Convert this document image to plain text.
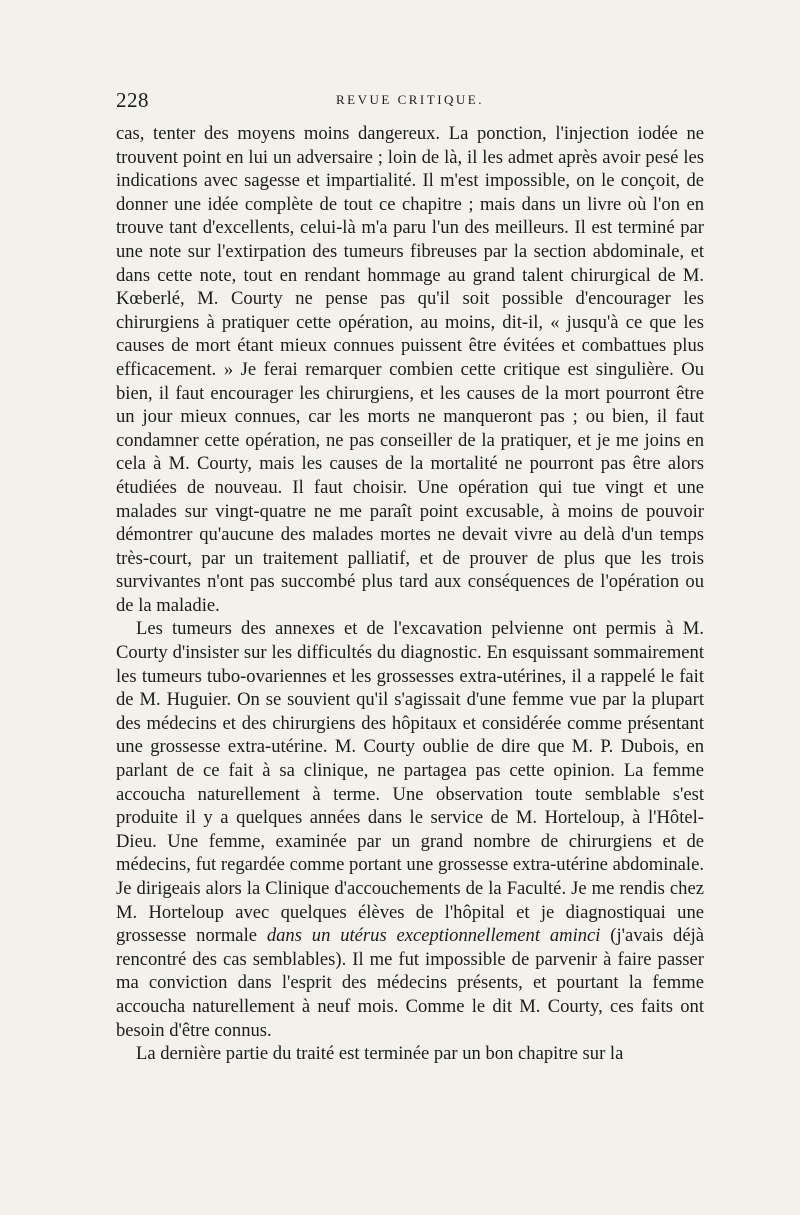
228	REVUE CRITIQUE.

cas, tenter des moyens moins dangereux. La ponction, l'injection iodée ne trouvent point en lui un adversaire ; loin de là, il les admet après avoir pesé les indications avec sagesse et impartialité. Il m'est impossible, on le conçoit, de donner une idée complète de tout ce chapitre ; mais dans un livre où l'on en trouve tant d'excellents, celui-là m'a paru l'un des meilleurs. Il est terminé par une note sur l'extirpation des tumeurs fibreuses par la section abdominale, et dans cette note, tout en rendant hommage au grand talent chirurgical de M. Kœberlé, M. Courty ne pense pas qu'il soit possible d'encourager les chirurgiens à pratiquer cette opération, au moins, dit-il, « jusqu'à ce que les causes de mort étant mieux connues puissent être évitées et combattues plus efficacement. » Je ferai remarquer combien cette critique est singulière. Ou bien, il faut encourager les chirurgiens, et les causes de la mort pourront être un jour mieux connues, car les morts ne manqueront pas ; ou bien, il faut condamner cette opération, ne pas conseiller de la pratiquer, et je me joins en cela à M. Courty, mais les causes de la mortalité ne pourront pas être alors étudiées de nouveau. Il faut choisir. Une opération qui tue vingt et une malades sur vingt-quatre ne me paraît point excusable, à moins de pouvoir démontrer qu'aucune des malades mortes ne devait vivre au delà d'un temps très-court, par un traitement palliatif, et de prouver de plus que les trois survivantes n'ont pas succombé plus tard aux conséquences de l'opération ou de la maladie.

Les tumeurs des annexes et de l'excavation pelvienne ont permis à M. Courty d'insister sur les difficultés du diagnostic. En esquissant sommairement les tumeurs tubo-ovariennes et les grossesses extra-utérines, il a rappelé le fait de M. Huguier. On se souvient qu'il s'agissait d'une femme vue par la plupart des médecins et des chirurgiens des hôpitaux et considérée comme présentant une grossesse extra-utérine. M. Courty oublie de dire que M. P. Dubois, en parlant de ce fait à sa clinique, ne partagea pas cette opinion. La femme accoucha naturellement à terme. Une observation toute semblable s'est produite il y a quelques années dans le service de M. Horteloup, à l'Hôtel-Dieu. Une femme, examinée par un grand nombre de chirurgiens et de médecins, fut regardée comme portant une grossesse extra-utérine abdominale. Je dirigeais alors la Clinique d'accouchements de la Faculté. Je me rendis chez M. Horteloup avec quelques élèves de l'hôpital et je diagnostiquai une grossesse normale dans un utérus exceptionnellement aminci (j'avais déjà rencontré des cas semblables). Il me fut impossible de parvenir à faire passer ma conviction dans l'esprit des médecins présents, et pourtant la femme accoucha naturellement à neuf mois. Comme le dit M. Courty, ces faits ont besoin d'être connus.

La dernière partie du traité est terminée par un bon chapitre sur la
